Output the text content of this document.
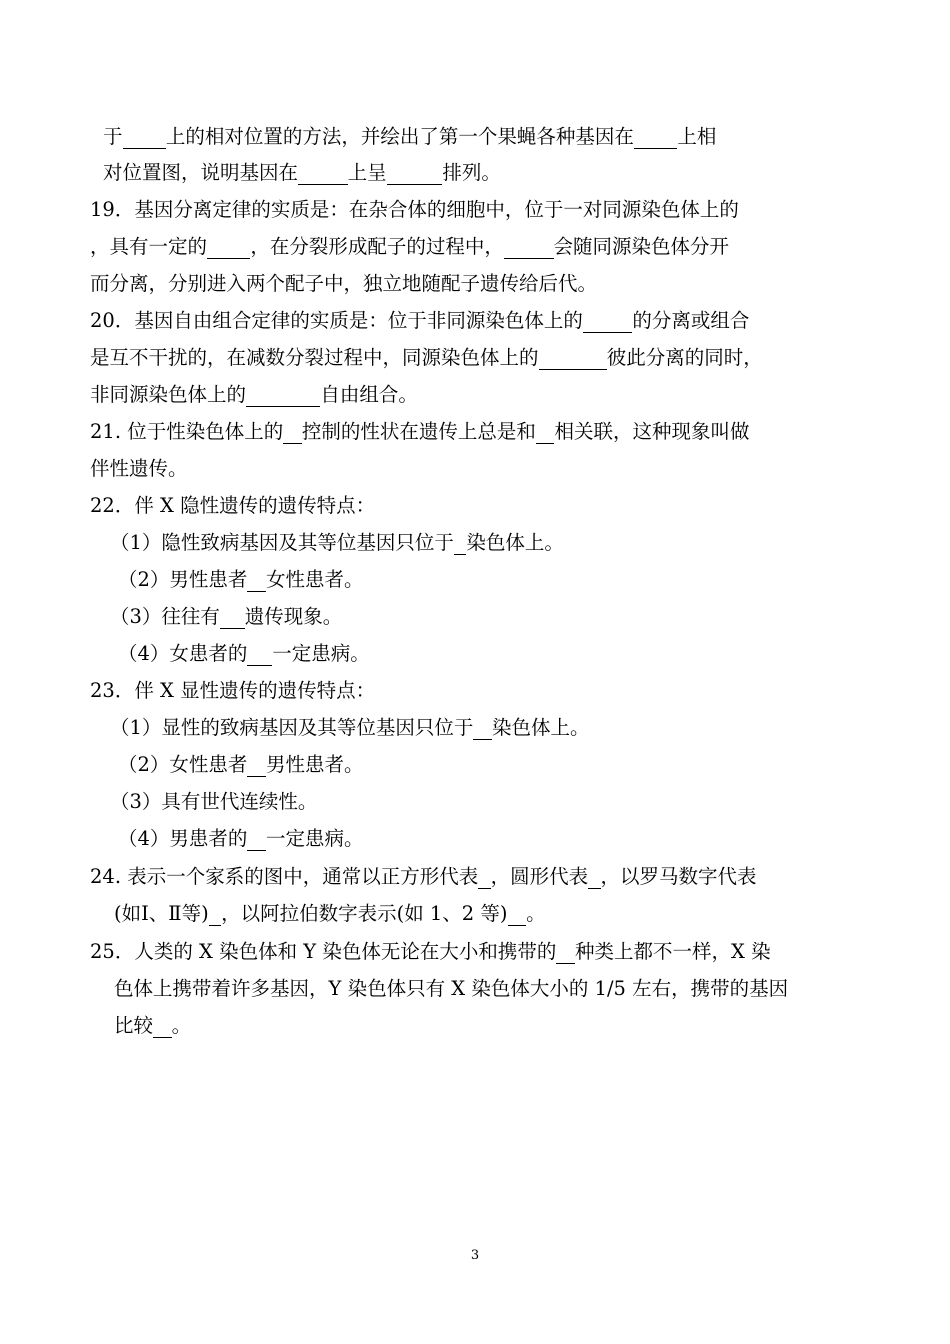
于 上的相对位置的方法，并绘出了第一个果蝇各种基因在 上相
对位置图，说明基因在	上呈	排列。
19．基因分离定律的实质是：在杂合体的细胞中，位于一对同源染色体上的
，具有一定的 ，在分裂形成配子的过程中，	会随同源染色体分开
而分离，分别进入两个配子中，独立地随配子遗传给后代。
20．基因自由组合定律的实质是：位于非同源染色体上的	的分离或组合
是互不干扰的，在减数分裂过程中，同源染色体上的	彼此分离的同时，
非同源染色体上的	自由组合。
21. 位于性染色体上的 控制的性状在遗传上总是和 相关联，这种现象叫做
伴性遗传。
22．伴 X 隐性遗传的遗传特点：
（1）隐性致病基因及其等位基因只位于 染色体上。
（2）男性患者 女性患者。
（3）往往有 遗传现象。
（4）女患者的 一定患病。
23．伴 X 显性遗传的遗传特点：
（1）显性的致病基因及其等位基因只位于 染色体上。
（2）女性患者 男性患者。
（3）具有世代连续性。
（4）男患者的 一定患病。
24. 表示一个家系的图中，通常以正方形代表 ，圆形代表 ，以罗马数字代表
(如Ⅰ、Ⅱ等) ，以阿拉伯数字表示(如 1、2 等) 。
25．人类的 X 染色体和 Y 染色体无论在大小和携带的 种类上都不一样，X 染
色体上携带着许多基因，Y 染色体只有 X 染色体大小的 1/5 左右，携带的基因
比较 。
3
